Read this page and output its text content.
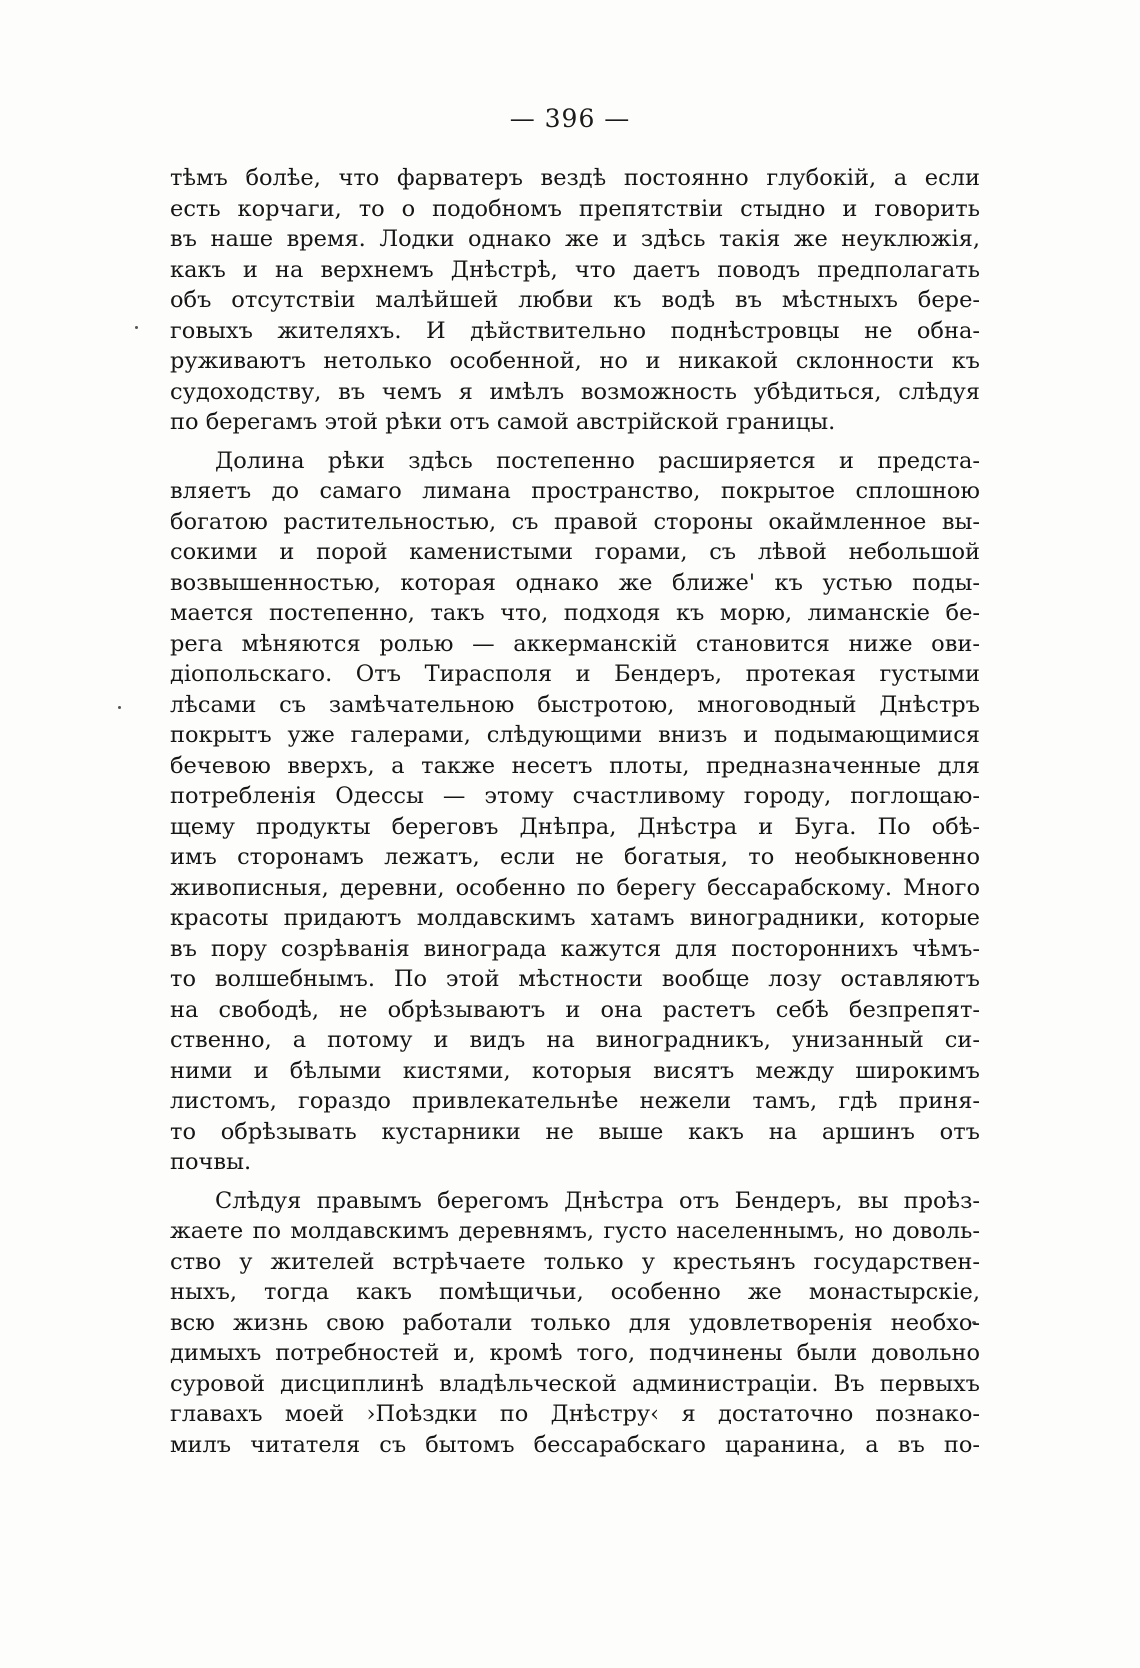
— 396 —
тѣмъ болѣе, что фарватеръ вездѣ постоянно глубокій, а если
есть корчаги, то о подобномъ препятствіи стыдно и говорить
въ наше время. Лодки однако же и здѣсь такія же неуклюжія,
какъ и на верхнемъ Днѣстрѣ, что даетъ поводъ предполагать
объ отсутствіи малѣйшей любви къ водѣ въ мѣстныхъ бере-
говыхъ жителяхъ. И дѣйствительно поднѣстровцы не обна-
руживаютъ нетолько особенной, но и никакой склонности къ
судоходству, въ чемъ я имѣлъ возможность убѣдиться, слѣдуя
по берегамъ этой рѣки отъ самой австрійской границы.
Долина рѣки здѣсь постепенно расширяется и предста-
вляетъ до самаго лимана пространство, покрытое сплошною
богатою растительностью, съ правой стороны окаймленное вы-
сокими и порой каменистыми горами, съ лѣвой небольшой
возвышенностью, которая однако же ближе' къ устью поды-
мается постепенно, такъ что, подходя къ морю, лиманскіе бе-
рега мѣняются ролью — аккерманскій становится ниже ови-
діопольскаго. Отъ Тирасполя и Бендеръ, протекая густыми
лѣсами съ замѣчательною быстротою, многоводный Днѣстръ
покрытъ уже галерами, слѣдующими внизъ и подымающимися
бечевою вверхъ, а также несетъ плоты, предназначенные для
потребленія Одессы — этому счастливому городу, поглощаю-
щему продукты береговъ Днѣпра, Днѣстра и Буга. По обѣ-
имъ сторонамъ лежатъ, если не богатыя, то необыкновенно
живописныя, деревни, особенно по берегу бессарабскому. Много
красоты придаютъ молдавскимъ хатамъ виноградники, которые
въ пору созрѣванія винограда кажутся для постороннихъ чѣмъ-
то волшебнымъ. По этой мѣстности вообще лозу оставляютъ
на свободѣ, не обрѣзываютъ и она растетъ себѣ безпрепят-
ственно, а потому и видъ на виноградникъ, унизанный си-
ними и бѣлыми кистями, которыя висятъ между широкимъ
листомъ, гораздо привлекательнѣе нежели тамъ, гдѣ приня-
то обрѣзывать кустарники не выше какъ на аршинъ отъ
почвы.
Слѣдуя правымъ берегомъ Днѣстра отъ Бендеръ, вы проѣз-
жаете по молдавскимъ деревнямъ, густо населеннымъ, но доволь-
ство у жителей встрѣчаете только у крестьянъ государствен-
ныхъ, тогда какъ помѣщичьи, особенно же монастырскіе,
всю жизнь свою работали только для удовлетворенія необхо-
димыхъ потребностей и, кромѣ того, подчинены были довольно
суровой дисциплинѣ владѣльческой администраціи. Въ первыхъ
главахъ моей ›Поѣздки по Днѣстру‹ я достаточно познако-
милъ читателя съ бытомъ бессарабскаго царанина, а въ по-
